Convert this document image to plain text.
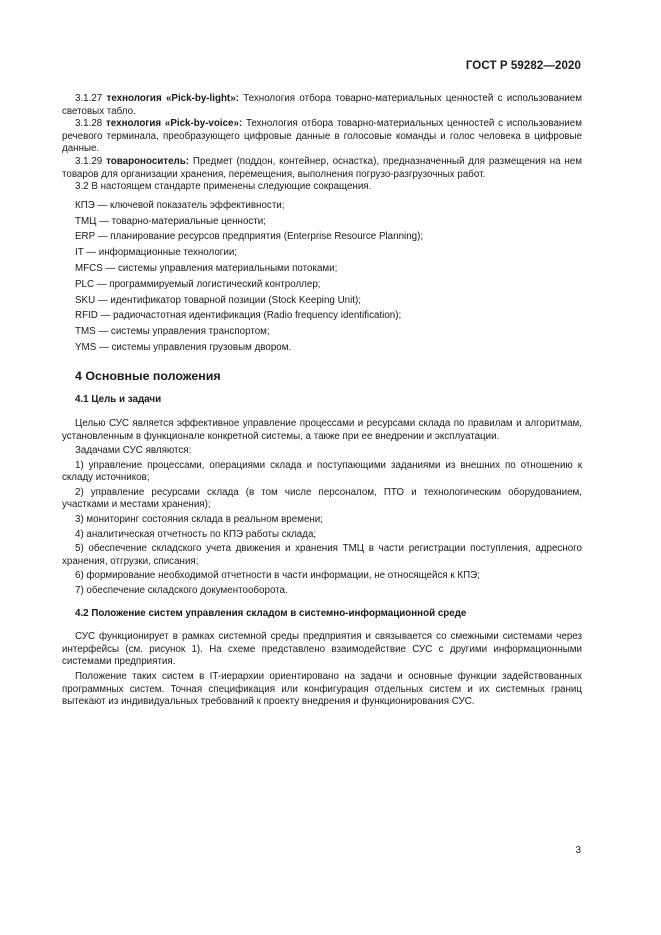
ГОСТ Р 59282—2020

3.1.27 технология «Pick-by-light»: Технология отбора товарно-материальных ценностей с использованием световых табло.

3.1.28 технология «Pick-by-voice»: Технология отбора товарно-материальных ценностей с использованием речевого терминала, преобразующего цифровые данные в голосовые команды и голос человека в цифровые данные.

3.1.29 товароноситель: Предмет (поддон, контейнер, оснастка), предназначенный для размещения на нем товаров для организации хранения, перемещения, выполнения погрузо-разгрузочных работ.

3.2 В настоящем стандарте применены следующие сокращения.

КПЭ — ключевой показатель эффективности;

ТМЦ — товарно-материальные ценности;

ERP — планирование ресурсов предприятия (Enterprise Resource Planning);

IT — информационные технологии;

MFCS — системы управления материальными потоками;

PLC — программируемый логистический контроллер;

SKU — идентификатор товарной позиции (Stock Keeping Unit);

RFID — радиочастотная идентификация (Radio frequency identification);

TMS — системы управления транспортом;

YMS — системы управления грузовым двором.

4 Основные положения
4.1 Цель и задачи

Целью СУС является эффективное управление процессами и ресурсами склада по правилам и алгоритмам, установленным в функционале конкретной системы, а также при ее внедрении и эксплуатации.

Задачами СУС являются:

1) управление процессами, операциями склада и поступающими заданиями из внешних по отношению к складу источников;

2) управление ресурсами склада (в том числе персоналом, ПТО и технологическим оборудованием, участками и местами хранения);

3) мониторинг состояния склада в реальном времени;

4) аналитическая отчетность по КПЭ работы склада;

5) обеспечение складского учета движения и хранения ТМЦ в части регистрации поступления, адресного хранения, отгрузки, списания;

6) формирование необходимой отчетности в части информации, не относящейся к КПЭ;

7) обеспечение складского документооборота.

4.2 Положение систем управления складом в системно-информационной среде

СУС функционирует в рамках системной среды предприятия и связывается со смежными системами через интерфейсы (см. рисунок 1). На схеме представлено взаимодействие СУС с другими информационными системами предприятия.

Положение таких систем в IT-иерархии ориентировано на задачи и основные функции задействованных программных систем. Точная спецификация или конфигурация отдельных систем и их системных границ вытекают из индивидуальных требований к проекту внедрения и функционирования СУС.

3
